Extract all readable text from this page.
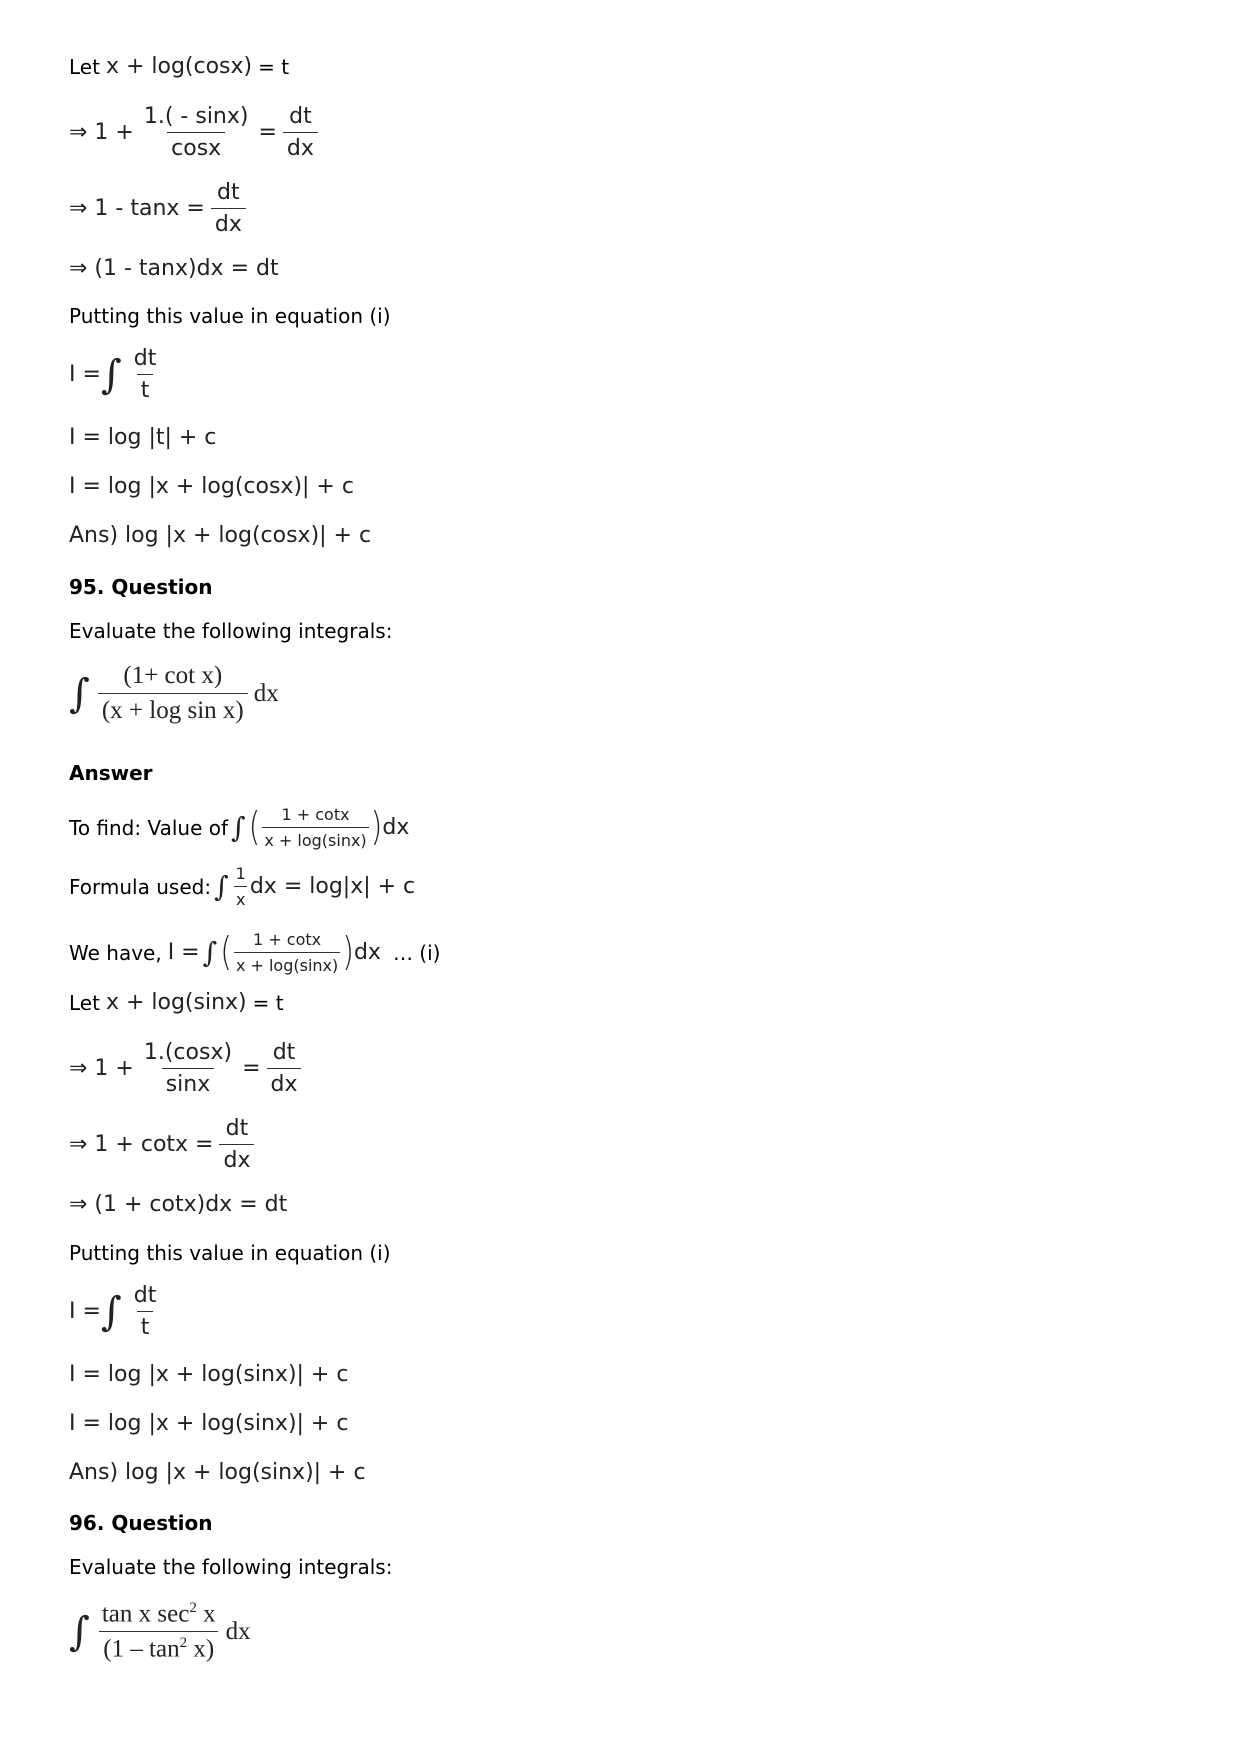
Let x + log(cosx) = t
⇒ $1 + \frac{1.( - \sin x)}{\cos x} = \frac{dt}{dx}$
⇒ $1 - \tan x = \frac{dt}{dx}$
⇒ (1 - tanx)dx = dt
Putting this value in equation (i)
I = ∫ $\frac{dt}{t}$
I = log |t| + c
I = log |x + log(cosx)| + c
Ans) log |x + log(cosx)| + c
95. Question
Evaluate the following integrals:
∫ $\frac{\text{(1+ cot x)}}{\text{(x + log sin x)}}$ dx
Answer
To find: Value of ∫ ( $\frac{1 + \cot x}{x + \log(\sin x)}$ ) dx
Formula used: ∫ $\frac{1}{x}$ dx = log|x| + c
We have, I = ∫ ( $\frac{1 + \cot x}{x + \log(\sin x)}$ ) dx … (i)
Let x + log(sinx) = t
⇒ $1 + \frac{1.(\cos x)}{\sin x} = \frac{dt}{dx}$
⇒ $1 + \cot x = \frac{dt}{dx}$
⇒ (1 + cotx)dx = dt
Putting this value in equation (i)
I = ∫ $\frac{dt}{t}$
I = log |x + log(sinx)| + c
I = log |x + log(sinx)| + c
Ans) log |x + log(sinx)| + c
96. Question
Evaluate the following integrals:
∫ $\frac{\tan x \sec^2 x}{(1 - \tan^2 x)}$ dx
